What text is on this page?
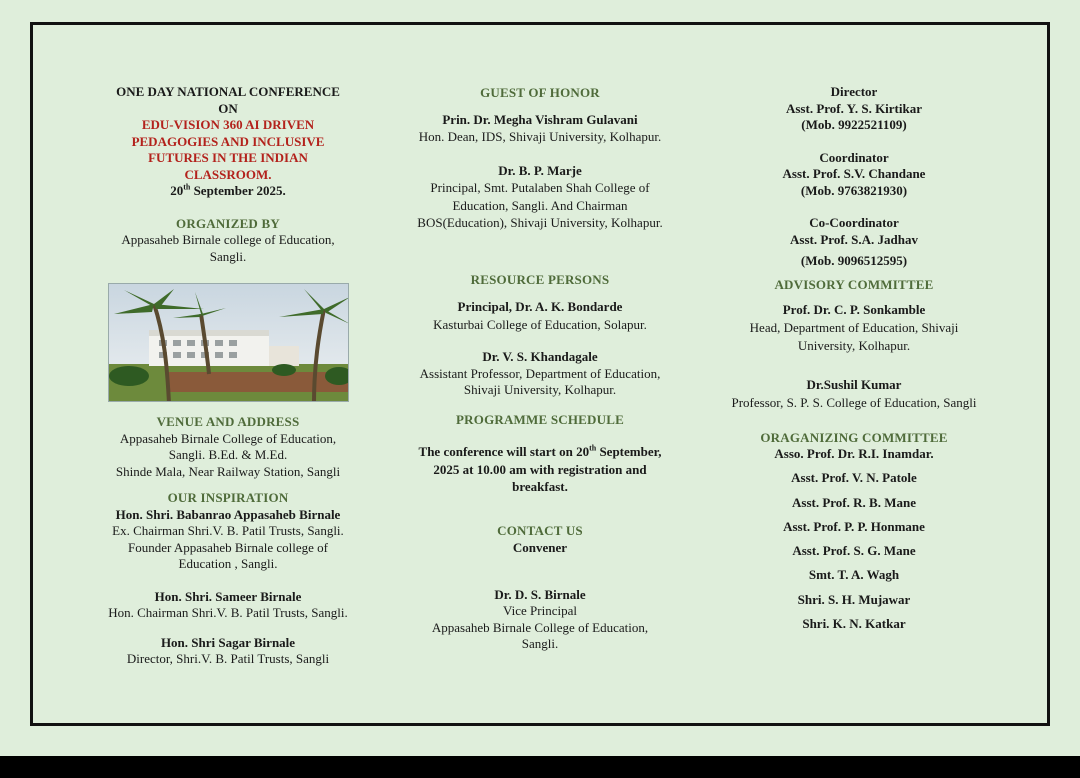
ONE DAY NATIONAL CONFERENCE
ON
EDU-VISION 360 AI DRIVEN
PEDAGOGIES AND INCLUSIVE
FUTURES IN THE INDIAN
CLASSROOM.
20th September 2025.
ORGANIZED BY
Appasaheb Birnale college of Education,
Sangli.
VENUE AND ADDRESS
Appasaheb Birnale College of Education,
Sangli. B.Ed. & M.Ed.
Shinde Mala, Near Railway Station, Sangli
OUR INSPIRATION
Hon. Shri. Babanrao Appasaheb Birnale
Ex. Chairman Shri.V. B. Patil Trusts, Sangli.
Founder Appasaheb Birnale college of
Education , Sangli.
Hon. Shri. Sameer Birnale
Hon. Chairman Shri.V. B. Patil Trusts, Sangli.
Hon. Shri Sagar Birnale
Director, Shri.V. B. Patil Trusts, Sangli
GUEST OF HONOR
Prin. Dr. Megha Vishram Gulavani
Hon. Dean, IDS, Shivaji University, Kolhapur.
Dr. B. P. Marje
Principal, Smt. Putalaben Shah College of
Education, Sangli. And Chairman
BOS(Education), Shivaji University, Kolhapur.
RESOURCE PERSONS
Principal, Dr. A. K. Bondarde
Kasturbai College of Education, Solapur.
Dr. V. S. Khandagale
Assistant Professor, Department of Education,
Shivaji University, Kolhapur.
PROGRAMME SCHEDULE
The conference will start on 20th September,
2025 at 10.00 am with registration and
breakfast.
CONTACT US
Convener
Dr. D. S. Birnale
Vice Principal
Appasaheb Birnale College of Education,
Sangli.
Director
Asst. Prof. Y. S. Kirtikar
(Mob. 9922521109)
Coordinator
Asst. Prof. S.V. Chandane
(Mob. 9763821930)
Co-Coordinator
Asst. Prof. S.A. Jadhav
(Mob. 9096512595)
ADVISORY COMMITTEE
Prof. Dr. C. P. Sonkamble
Head, Department of Education, Shivaji
University, Kolhapur.
Dr.Sushil Kumar
Professor, S. P. S. College of Education, Sangli
ORAGANIZING COMMITTEE
Asso. Prof. Dr. R.I. Inamdar.
Asst. Prof. V. N. Patole
Asst. Prof. R. B. Mane
Asst. Prof. P. P. Honmane
Asst. Prof. S. G. Mane
Smt. T. A. Wagh
Shri. S. H. Mujawar
Shri. K. N. Katkar
